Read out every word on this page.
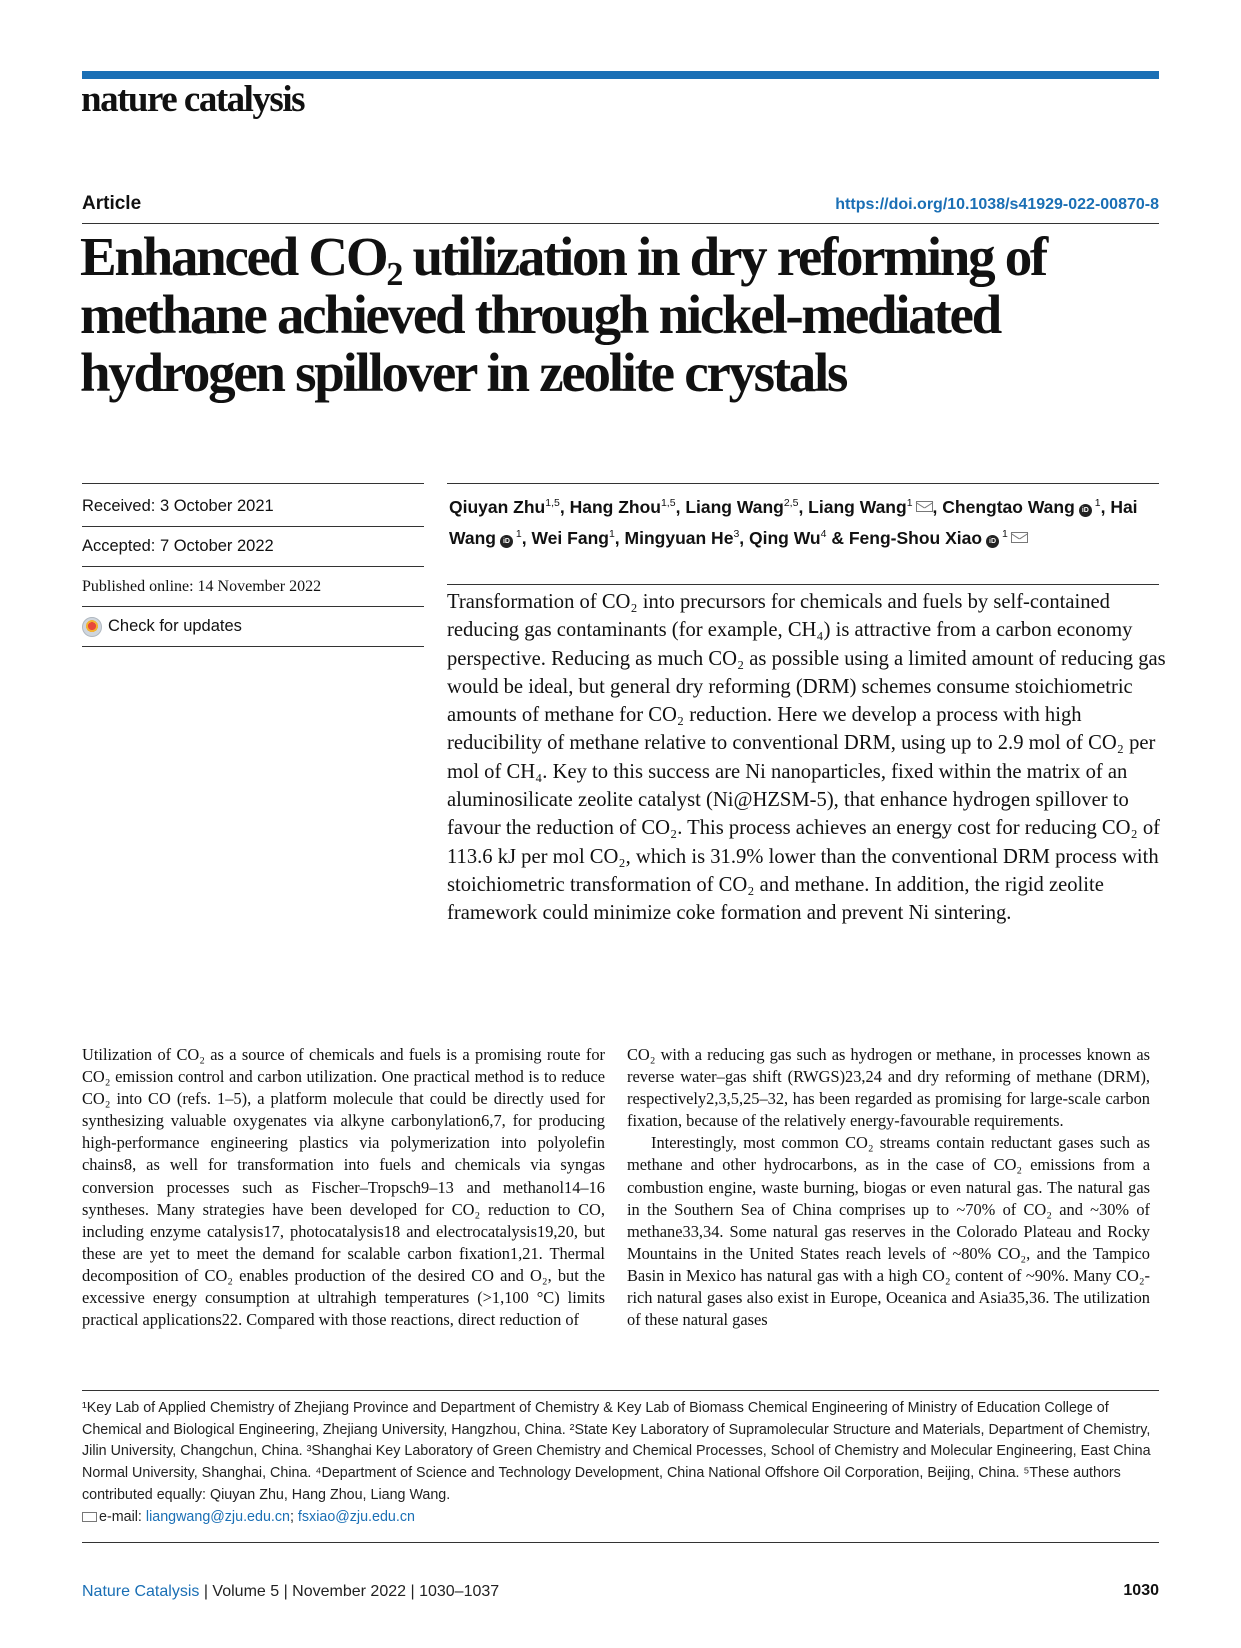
nature catalysis
Article	https://doi.org/10.1038/s41929-022-00870-8
Enhanced $CO_2$ utilization in dry reforming of methane achieved through nickel-mediated hydrogen spillover in zeolite crystals
Received: 3 October 2021
Accepted: 7 October 2022
Published online: 14 November 2022
Check for updates
Qiuyan Zhu$^{1,5}$, Hang Zhou$^{1,5}$, Liang Wang$^{2,5}$, Liang Wang$^1$ , Chengtao Wang iD $^1$, Hai Wang iD $^1$, Wei Fang$^1$, Mingyuan He$^3$, Qing Wu$^4$ & Feng-Shou Xiao iD $^1$

Transformation of CO₂ into precursors for chemicals and fuels by self-contained reducing gas contaminants (for example, CH₄) is attractive from a carbon economy perspective. Reducing as much CO₂ as possible using a limited amount of reducing gas would be ideal, but general dry reforming (DRM) schemes consume stoichiometric amounts of methane for CO₂ reduction. Here we develop a process with high reducibility of methane relative to conventional DRM, using up to 2.9 mol of CO₂ per mol of CH₄. Key to this success are Ni nanoparticles, fixed within the matrix of an aluminosilicate zeolite catalyst (Ni@HZSM-5), that enhance hydrogen spillover to favour the reduction of CO₂. This process achieves an energy cost for reducing CO₂ of 113.6 kJ per mol CO₂, which is 31.9% lower than the conventional DRM process with stoichiometric transformation of CO₂ and methane. In addition, the rigid zeolite framework could minimize coke formation and prevent Ni sintering.

Utilization of CO₂ as a source of chemicals and fuels is a promising route for CO₂ emission control and carbon utilization. One practical method is to reduce CO₂ into CO (refs. 1–5), a platform molecule that could be directly used for synthesizing valuable oxygenates via alkyne carbonylation6,7, for producing high-performance engineering plastics via polymerization into polyolefin chains8, as well for transformation into fuels and chemicals via syngas conversion processes such as Fischer–Tropsch9–13 and methanol14–16 syntheses. Many strategies have been developed for CO₂ reduction to CO, including enzyme catalysis17, photocatalysis18 and electrocatalysis19,20, but these are yet to meet the demand for scalable carbon fixation1,21. Thermal decomposition of CO₂ enables production of the desired CO and O₂, but the excessive energy consumption at ultrahigh temperatures (>1,100 °C) limits practical applications22. Compared with those reactions, direct reduction of

CO₂ with a reducing gas such as hydrogen or methane, in processes known as reverse water–gas shift (RWGS)23,24 and dry reforming of methane (DRM), respectively2,3,5,25–32, has been regarded as promising for large-scale carbon fixation, because of the relatively energy-favourable requirements.

Interestingly, most common CO₂ streams contain reductant gases such as methane and other hydrocarbons, as in the case of CO₂ emissions from a combustion engine, waste burning, biogas or even natural gas. The natural gas in the Southern Sea of China comprises up to ~70% of CO₂ and ~30% of methane33,34. Some natural gas reserves in the Colorado Plateau and Rocky Mountains in the United States reach levels of ~80% CO₂, and the Tampico Basin in Mexico has natural gas with a high CO₂ content of ~90%. Many CO₂-rich natural gases also exist in Europe, Oceanica and Asia35,36. The utilization of these natural gases

¹Key Lab of Applied Chemistry of Zhejiang Province and Department of Chemistry & Key Lab of Biomass Chemical Engineering of Ministry of Education College of Chemical and Biological Engineering, Zhejiang University, Hangzhou, China. ²State Key Laboratory of Supramolecular Structure and Materials, Department of Chemistry, Jilin University, Changchun, China. ³Shanghai Key Laboratory of Green Chemistry and Chemical Processes, School of Chemistry and Molecular Engineering, East China Normal University, Shanghai, China. ⁴Department of Science and Technology Development, China National Offshore Oil Corporation, Beijing, China. ⁵These authors contributed equally: Qiuyan Zhu, Hang Zhou, Liang Wang.
e-mail: liangwang@zju.edu.cn; fsxiao@zju.edu.cn
Nature Catalysis | Volume 5 | November 2022 | 1030–1037	1030
